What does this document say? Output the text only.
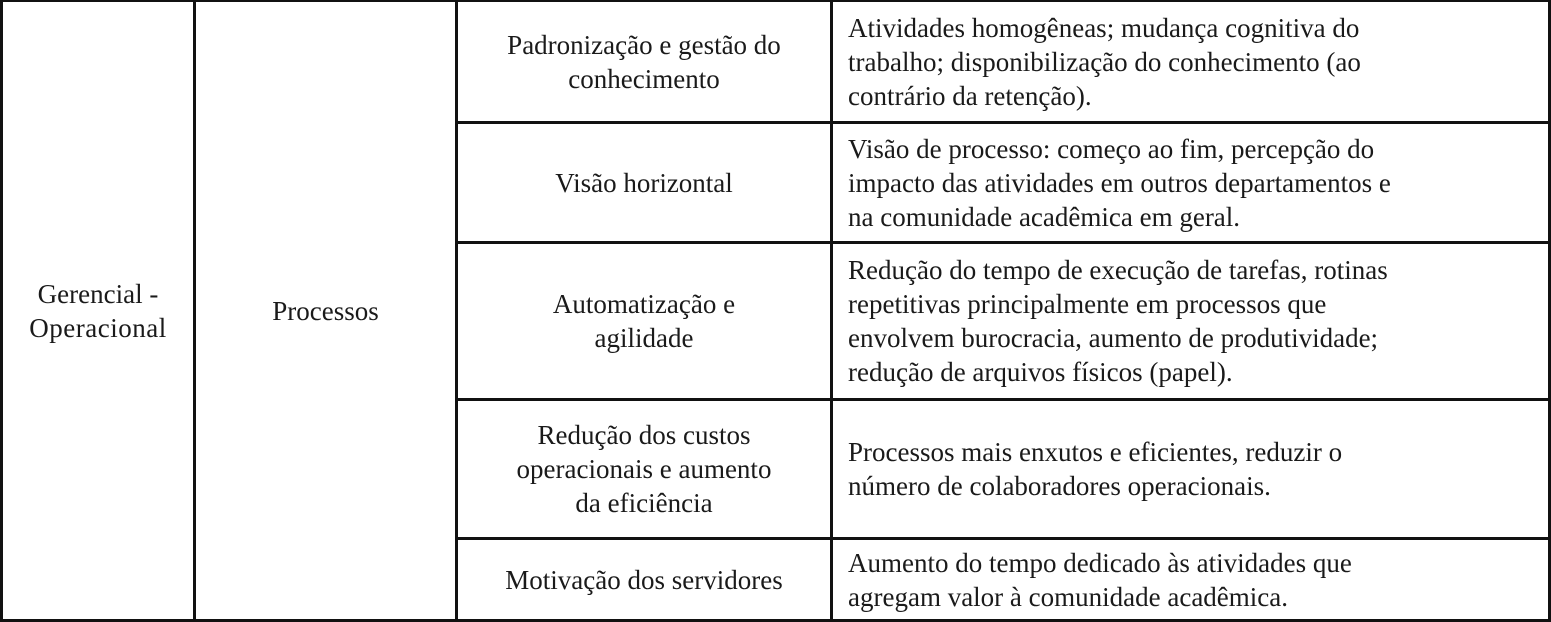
Gerencial -
Operacional
Processos
Padronização e gestão do
conhecimento
Atividades homogêneas; mudança cognitiva do
trabalho; disponibilização do conhecimento (ao
contrário da retenção).
Visão horizontal
Visão de processo: começo ao fim, percepção do
impacto das atividades em outros departamentos e
na comunidade acadêmica em geral.
Automatização e
agilidade
Redução do tempo de execução de tarefas, rotinas
repetitivas principalmente em processos que
envolvem burocracia, aumento de produtividade;
redução de arquivos físicos (papel).
Redução dos custos
operacionais e aumento
da eficiência
Processos mais enxutos e eficientes, reduzir o
número de colaboradores operacionais.
Motivação dos servidores
Aumento do tempo dedicado às atividades que
agregam valor à comunidade acadêmica.
